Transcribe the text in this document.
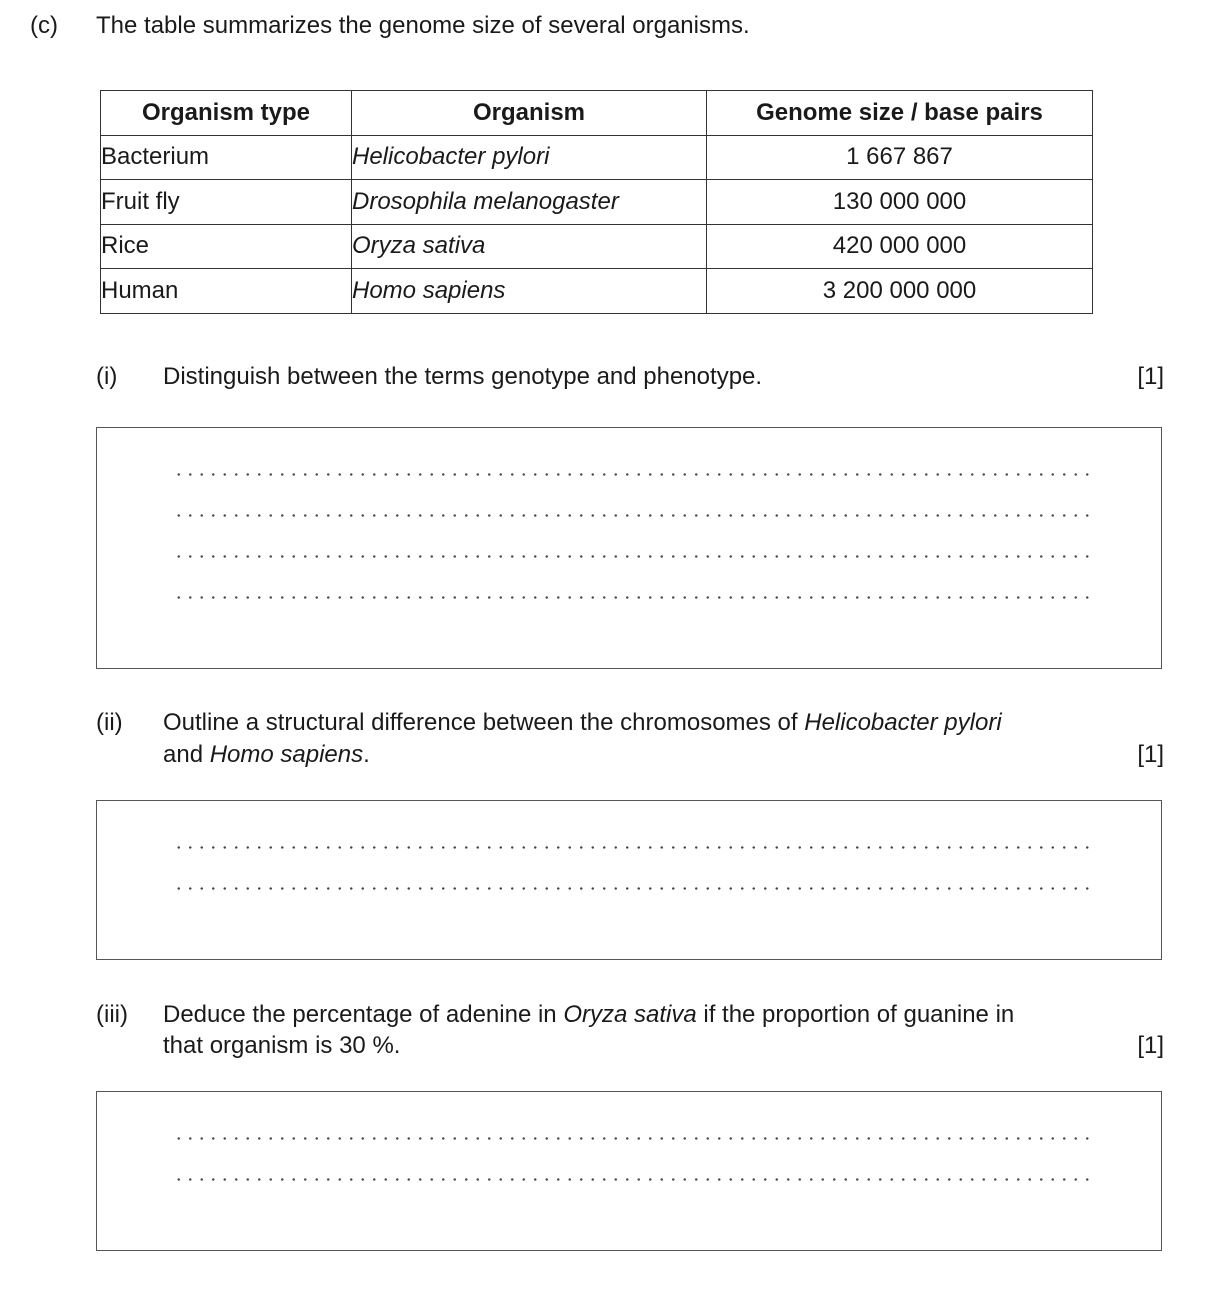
(c) The table summarizes the genome size of several organisms.
Organism type	Organism	Genome size / base pairs
Bacterium	Helicobacter pylori	1 667 867
Fruit fly	Drosophila melanogaster	130 000 000
Rice	Oryza sativa	420 000 000
Human	Homo sapiens	3 200 000 000
(i) Distinguish between the terms genotype and phenotype.	[1]
(ii) Outline a structural difference between the chromosomes of Helicobacter pylori
and Homo sapiens.	[1]
(iii) Deduce the percentage of adenine in Oryza sativa if the proportion of guanine in
that organism is 30 %.	[1]
